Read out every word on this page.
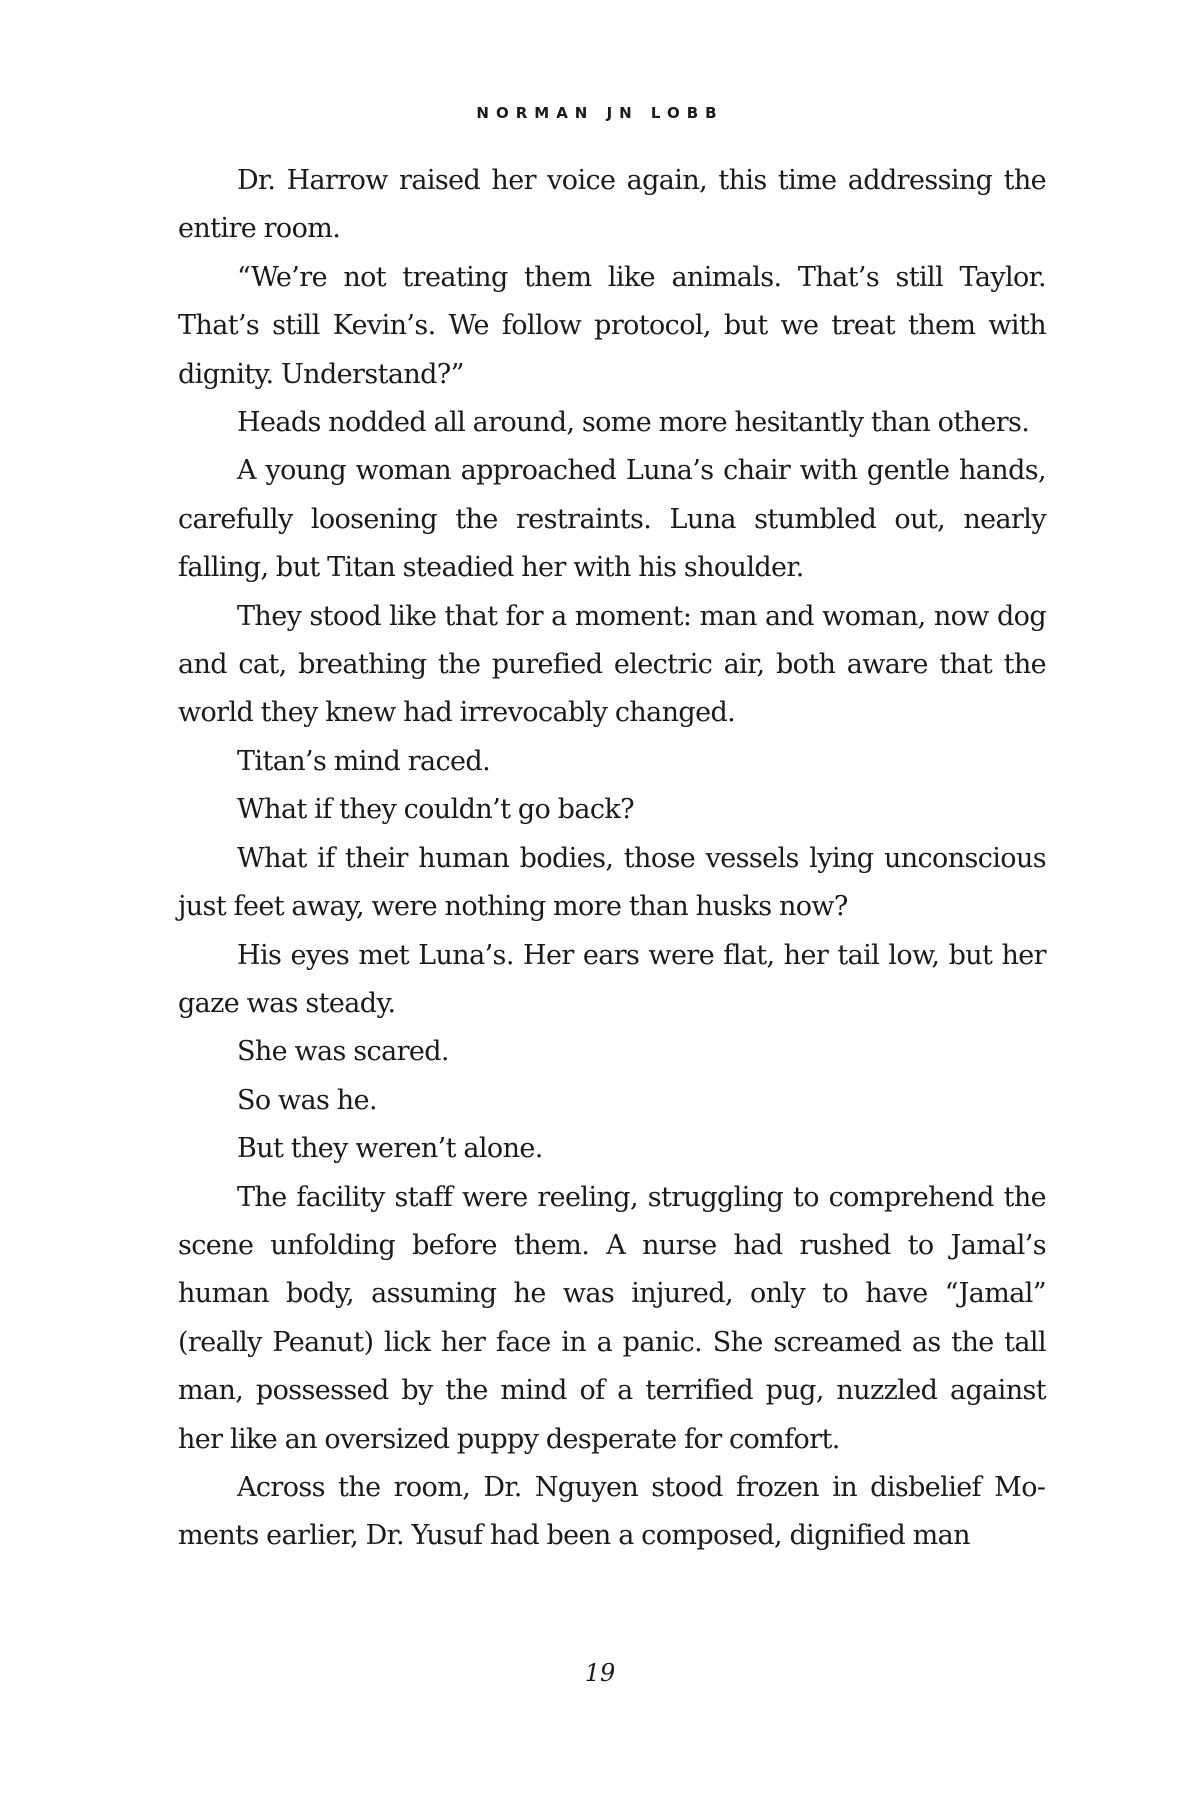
NORMAN JN LOBB

Dr. Harrow raised her voice again, this time addressing the entire room.

“We’re not treating them like animals. That’s still Taylor. That’s still Kevin’s. We follow protocol, but we treat them with dignity. Understand?”

Heads nodded all around, some more hesitantly than others.

A young woman approached Luna’s chair with gentle hands, carefully loosening the restraints. Luna stumbled out, nearly falling, but Titan steadied her with his shoulder.

They stood like that for a moment: man and woman, now dog and cat, breathing the purefied electric air, both aware that the world they knew had irrevocably changed.

Titan’s mind raced.

What if they couldn’t go back?

What if their human bodies, those vessels lying unconscious just feet away, were nothing more than husks now?

His eyes met Luna’s. Her ears were flat, her tail low, but her gaze was steady.

She was scared.

So was he.

But they weren’t alone.

The facility staff were reeling, struggling to comprehend the scene unfolding before them. A nurse had rushed to Jamal’s human body, assuming he was injured, only to have “Jamal” (really Peanut) lick her face in a panic. She screamed as the tall man, possessed by the mind of a terrified pug, nuzzled against her like an oversized puppy desperate for comfort.

Across the room, Dr. Nguyen stood frozen in disbelief Moments earlier, Dr. Yusuf had been a composed, dignified man

19
